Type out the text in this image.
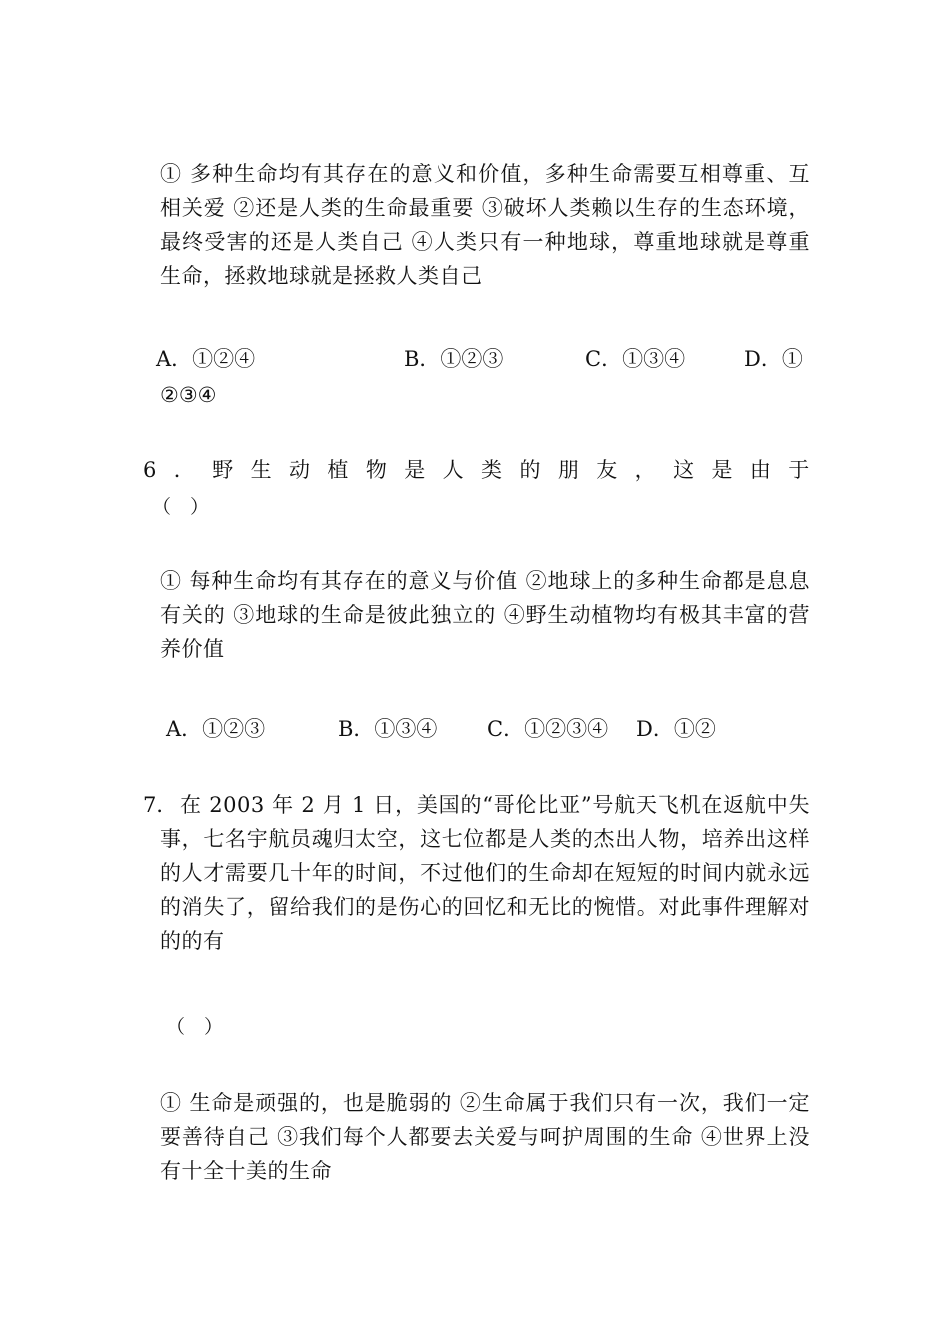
① 多种生命均有其存在的意义和价值，多种生命需要互相尊重、互相关爱 ②还是人类的生命最重要 ③破坏人类赖以生存的生态环境，最终受害的还是人类自己 ④人类只有一种地球，尊重地球就是尊重生命，拯救地球就是拯救人类自己
A．①②④	B．①②③	C．①③④	D．①
②③④
6 ． 野 生 动 植 物 是 人 类 的 朋 友 ， 这 是 由 于
（　）
① 每种生命均有其存在的意义与价值 ②地球上的多种生命都是息息有关的 ③地球的生命是彼此独立的 ④野生动植物均有极其丰富的营养价值
A．①②③	B．①③④ C．①②③④ D．①②
7． 在 2003 年 2 月 1 日，美国的“哥伦比亚”号航天飞机在返航中失事，七名宇航员魂归太空，这七位都是人类的杰出人物，培养出这样的人才需要几十年的时间，不过他们的生命却在短短的时间内就永远的消失了，留给我们的是伤心的回忆和无比的惋惜。对此事件理解对的的有
（　）
① 生命是顽强的，也是脆弱的 ②生命属于我们只有一次，我们一定要善待自己 ③我们每个人都要去关爱与呵护周围的生命 ④世界上没有十全十美的生命
